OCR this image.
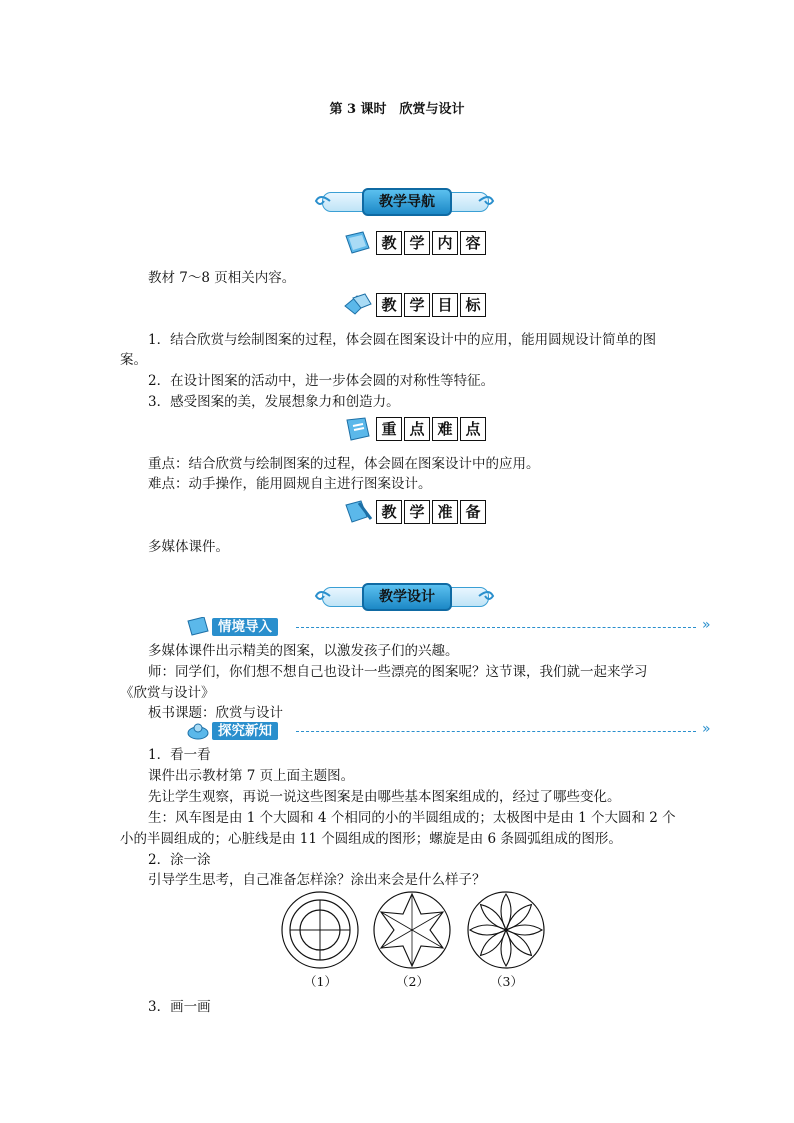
第 3 课时　欣赏与设计
教学导航
教 学 内 容
教材 7～8 页相关内容。
教 学 目 标
1．结合欣赏与绘制图案的过程，体会圆在图案设计中的应用，能用圆规设计简单的图
案。
2．在设计图案的活动中，进一步体会圆的对称性等特征。
3．感受图案的美，发展想象力和创造力。
重 点 难 点
重点：结合欣赏与绘制图案的过程，体会圆在图案设计中的应用。
难点：动手操作，能用圆规自主进行图案设计。
教 学 准 备
多媒体课件。
教学设计
情境导入	»
多媒体课件出示精美的图案，以激发孩子们的兴趣。
师：同学们，你们想不想自己也设计一些漂亮的图案呢？这节课，我们就一起来学习
《欣赏与设计》
板书课题：欣赏与设计
探究新知	»
1．看一看
课件出示教材第 7 页上面主题图。
先让学生观察，再说一说这些图案是由哪些基本图案组成的，经过了哪些变化。
生：风车图是由 1 个大圆和 4 个相同的小的半圆组成的；太极图中是由 1 个大圆和 2 个
小的半圆组成的；心脏线是由 11 个圆组成的图形；螺旋是由 6 条圆弧组成的图形。
2．涂一涂
引导学生思考，自己准备怎样涂？涂出来会是什么样子？
（1）	（2）	（3）
3．画一画
